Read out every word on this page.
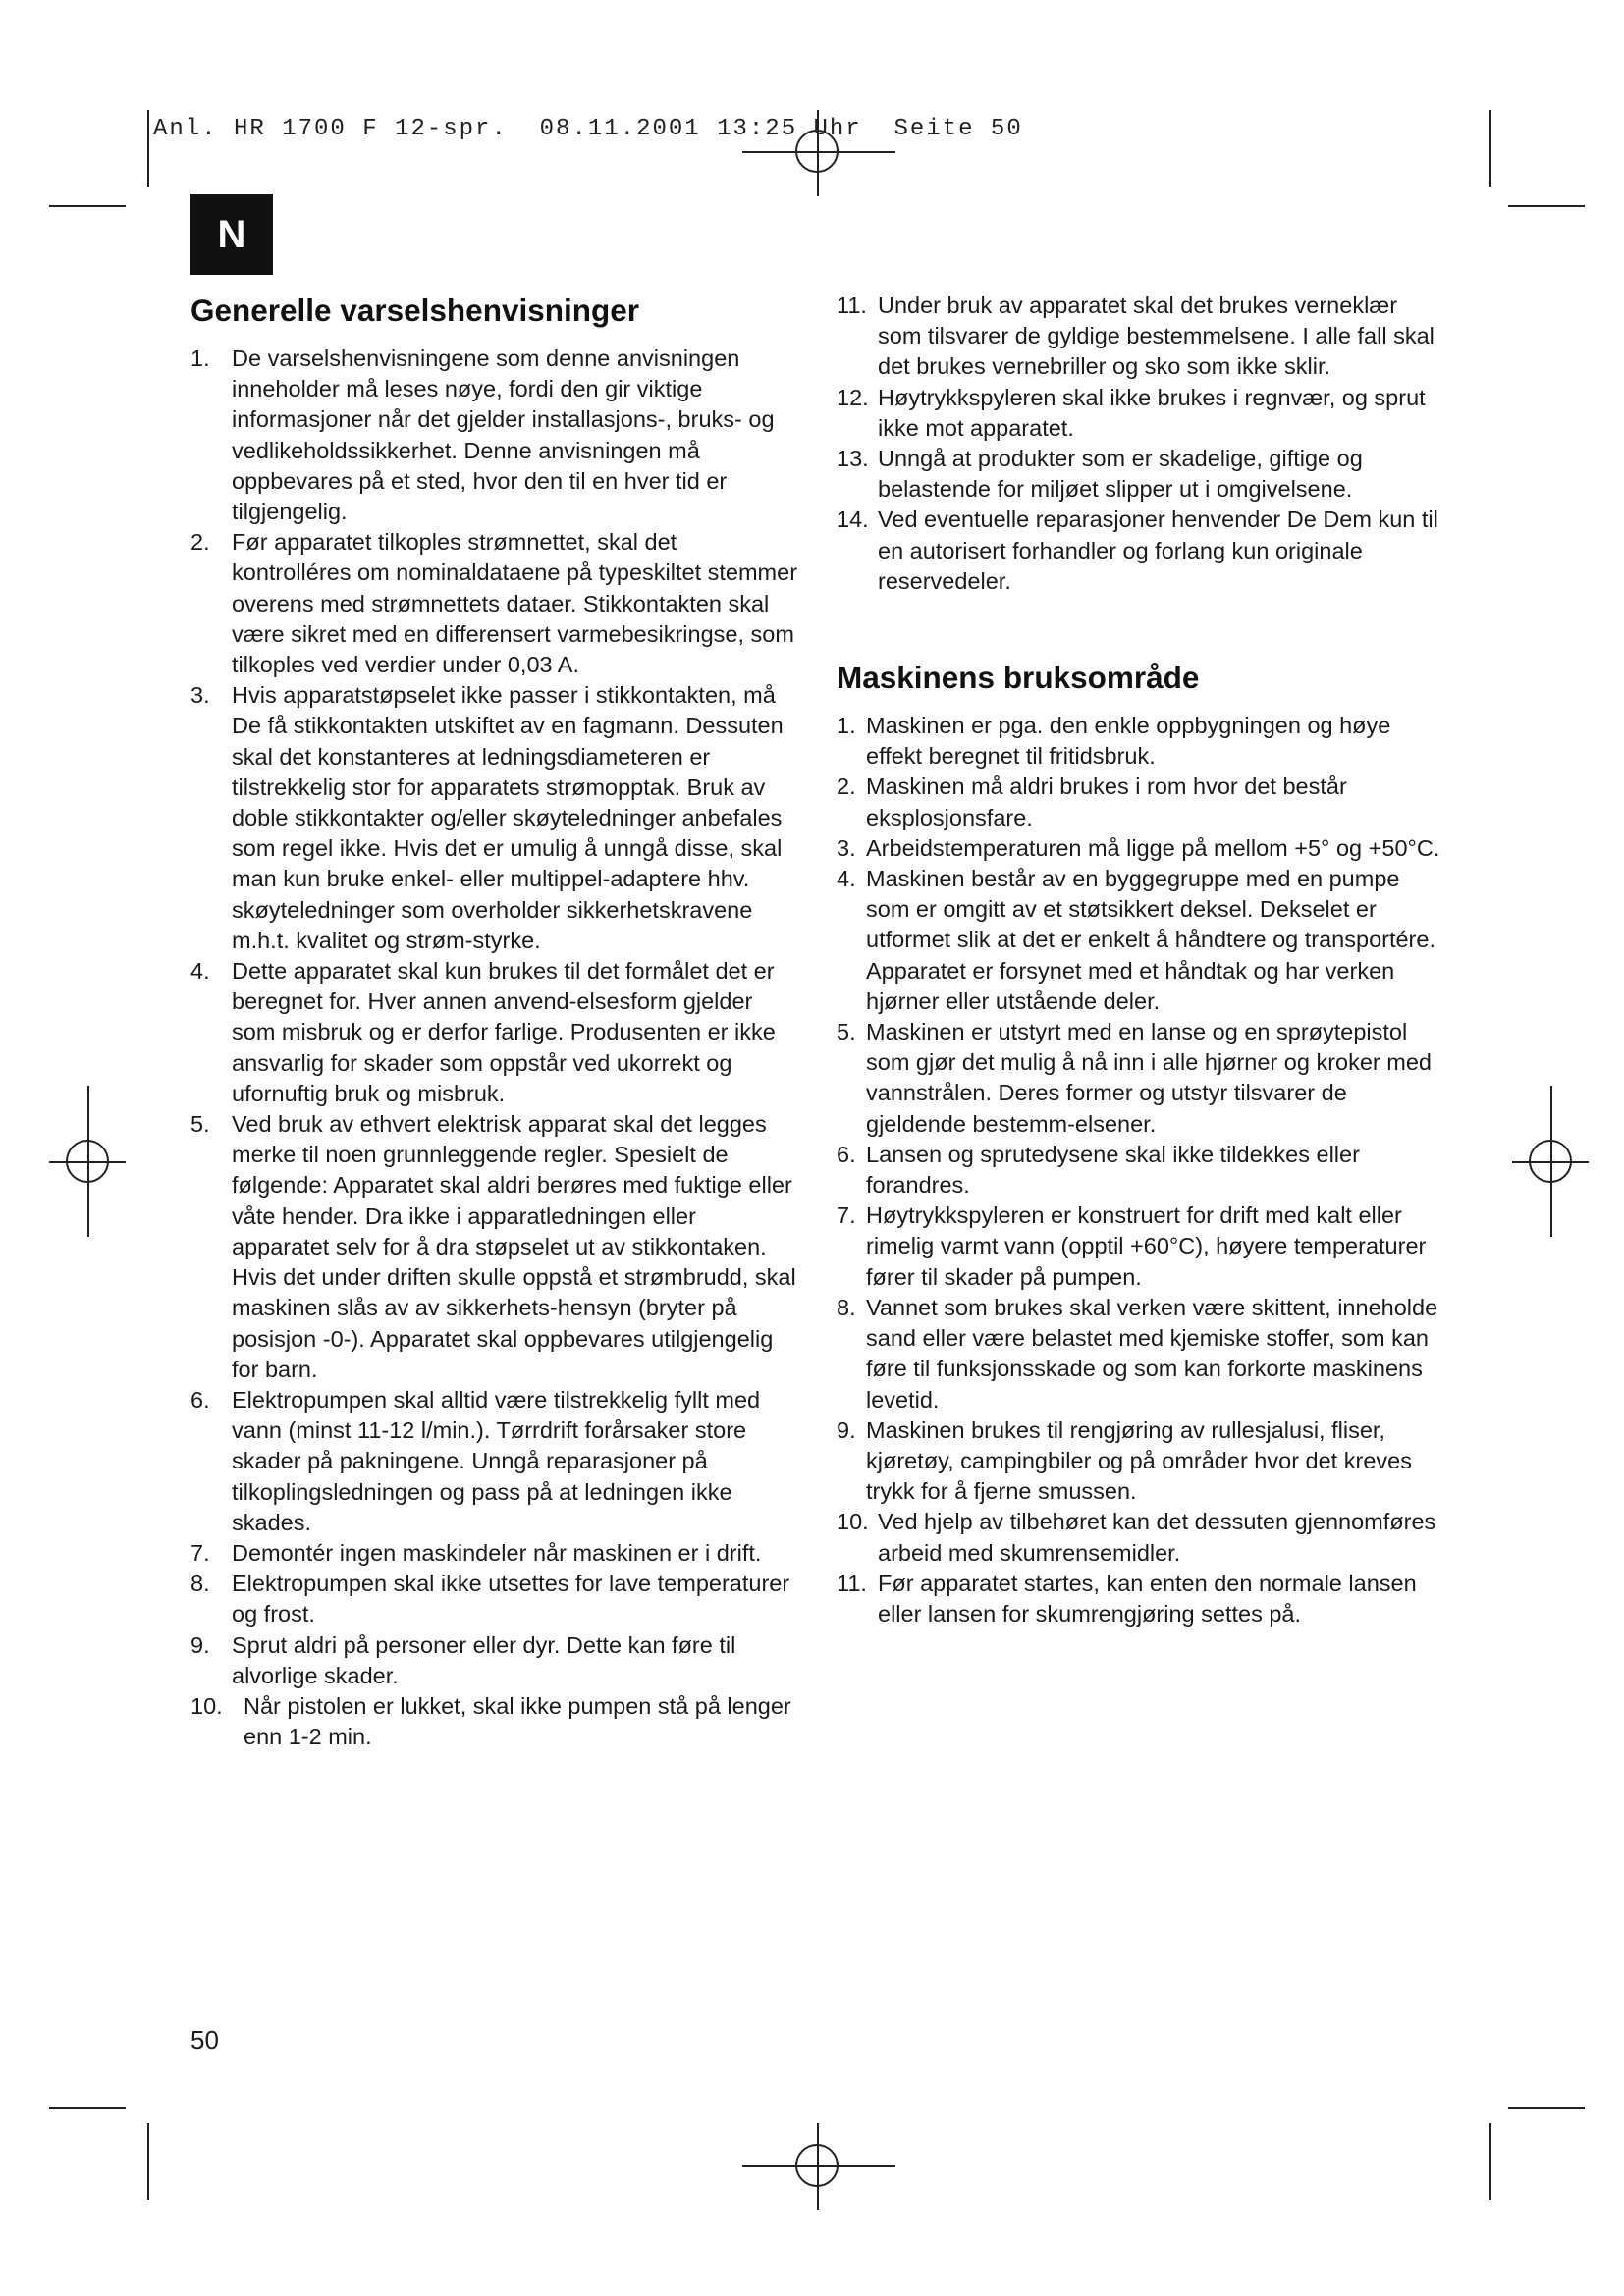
Anl. HR 1700 F 12-spr.  08.11.2001 13:25 Uhr  Seite 50
N
Generelle varselshenvisninger
1. De varselshenvisningene som denne anvisningen inneholder må leses nøye, fordi den gir viktige informasjoner når det gjelder installasjons-, bruks- og vedlikeholdssikkerhet. Denne anvisningen må oppbevares på et sted, hvor den til en hver tid er tilgjengelig.
2. Før apparatet tilkoples strømnettet, skal det kontrolléres om nominaldataene på typeskiltet stemmer overens med strømnettets dataer. Stikkontakten skal være sikret med en differensert varmebesikringse, som tilkoples ved verdier under 0,03 A.
3. Hvis apparatstøpselet ikke passer i stikkontakten, må De få stikkontakten utskiftet av en fagmann. Dessuten skal det konstanteres at ledningsdiameteren er tilstrekkelig stor for apparatets strømopptak. Bruk av doble stikkontakter og/eller skøyteledninger anbefales som regel ikke. Hvis det er umulig å unngå disse, skal man kun bruke enkel- eller multippel-adaptere hhv. skøyteledninger som overholder sikkerhetskravene m.h.t. kvalitet og strøm-styrke.
4. Dette apparatet skal kun brukes til det formålet det er beregnet for. Hver annen anvend-elsesform gjelder som misbruk og er derfor farlige. Produsenten er ikke ansvarlig for skader som oppstår ved ukorrekt og ufornuftig bruk og misbruk.
5. Ved bruk av ethvert elektrisk apparat skal det legges merke til noen grunnleggende regler. Spesielt de følgende: Apparatet skal aldri berøres med fuktige eller våte hender. Dra ikke i apparatledningen eller apparatet selv for å dra støpselet ut av stikkontaken.
Hvis det under driften skulle oppstå et strømbrudd, skal maskinen slås av av sikkerhets-hensyn (bryter på posisjon -0-). Apparatet skal oppbevares utilgjengelig for barn.
6. Elektropumpen skal alltid være tilstrekkelig fyllt med vann (minst 11-12 l/min.). Tørrdrift forårsaker store skader på pakningene. Unngå reparasjoner på tilkoplingsledningen og pass på at ledningen ikke skades.
7. Demontér ingen maskindeler når maskinen er i drift.
8. Elektropumpen skal ikke utsettes for lave temperaturer og frost.
9. Sprut aldri på personer eller dyr. Dette kan føre til alvorlige skader.
10. Når pistolen er lukket, skal ikke pumpen stå på lenger enn 1-2 min.
11. Under bruk av apparatet skal det brukes verneklær som tilsvarer de gyldige bestemmelsene. I alle fall skal det brukes vernebriller og sko som ikke sklir.
12. Høytrykkspyleren skal ikke brukes i regnvær, og sprut ikke mot apparatet.
13. Unngå at produkter som er skadelige, giftige og belastende for miljøet slipper ut i omgivelsene.
14. Ved eventuelle reparasjoner henvender De Dem kun til en autorisert forhandler og forlang kun originale reservedeler.
Maskinens bruksområde
1. Maskinen er pga. den enkle oppbygningen og høye effekt beregnet til fritidsbruk.
2. Maskinen må aldri brukes i rom hvor det består eksplosjonsfare.
3. Arbeidstemperaturen må ligge på mellom +5° og +50°C.
4. Maskinen består av en byggegruppe med en pumpe som er omgitt av et støtsikkert deksel. Dekselet er utformet slik at det er enkelt å håndtere og transportére. Apparatet er forsynet med et håndtak og har verken hjørner eller utstående deler.
5. Maskinen er utstyrt med en lanse og en sprøytepistol som gjør det mulig å nå inn i alle hjørner og kroker med vannstrålen. Deres former og utstyr tilsvarer de gjeldende bestemm-elsener.
6. Lansen og sprutedysene skal ikke tildekkes eller forandres.
7. Høytrykkspyleren er konstruert for drift med kalt eller rimelig varmt vann (opptil +60°C), høyere temperaturer fører til skader på pumpen.
8. Vannet som brukes skal verken være skittent, inneholde sand eller være belastet med kjemiske stoffer, som kan føre til funksjonsskade og som kan forkorte maskinens levetid.
9. Maskinen brukes til rengjøring av rullesjalusi, fliser, kjøretøy, campingbiler og på områder hvor det kreves trykk for å fjerne smussen.
10. Ved hjelp av tilbehøret kan det dessuten gjennomføres arbeid med skumrensemidler.
11. Før apparatet startes, kan enten den normale lansen eller lansen for skumrengjøring settes på.
50
